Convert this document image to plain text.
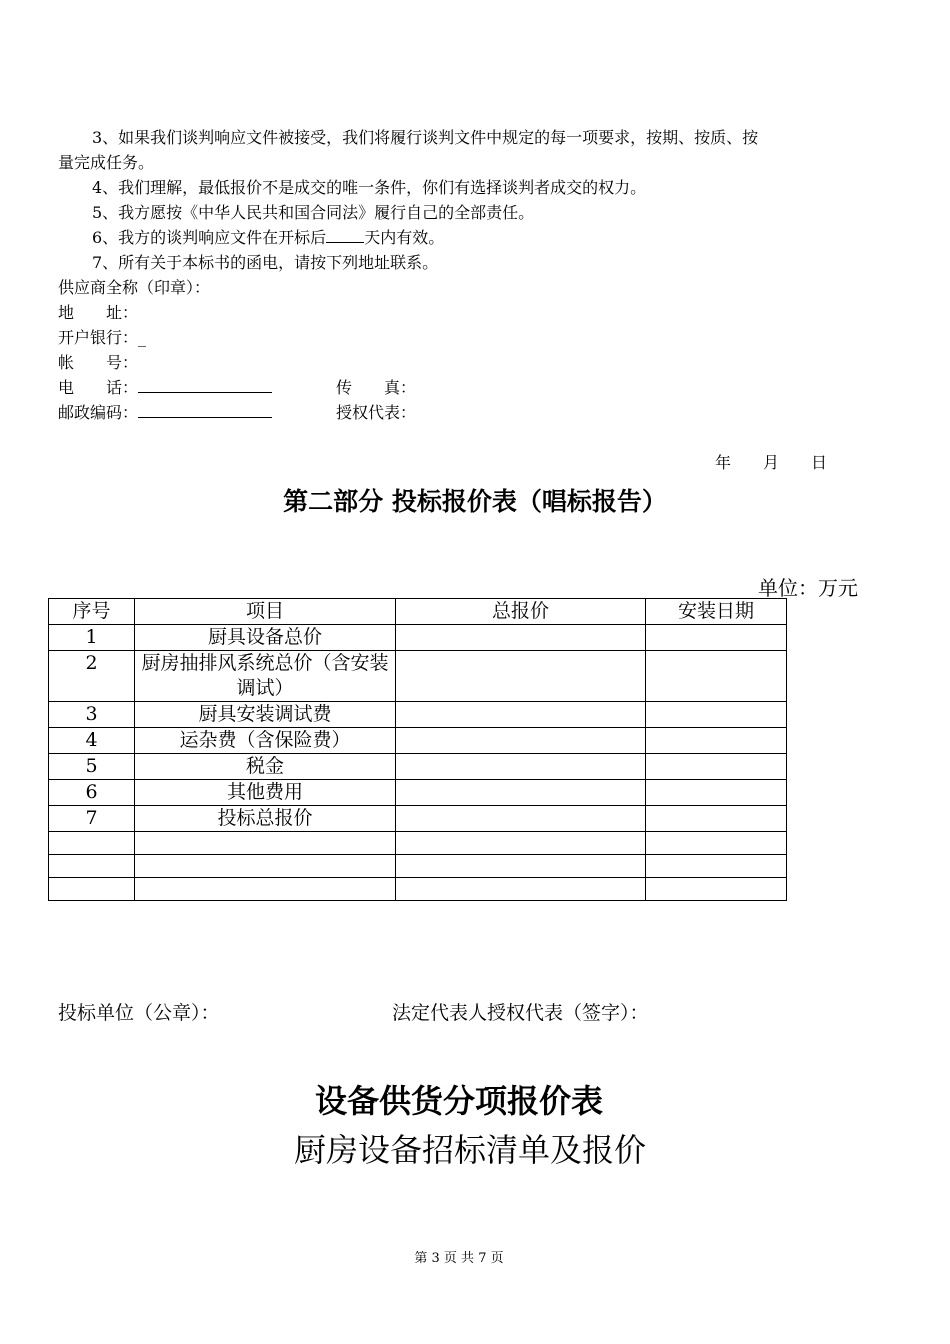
3、如果我们谈判响应文件被接受，我们将履行谈判文件中规定的每一项要求，按期、按质、按
量完成任务。
4、我们理解，最低报价不是成交的唯一条件，你们有选择谈判者成交的权力。
5、我方愿按《中华人民共和国合同法》履行自己的全部责任。
6、我方的谈判响应文件在开标后 天内有效。
7、所有关于本标书的函电，请按下列地址联系。
供应商全称（印章）：
地　　址：
开户银行：_
帐　　号：
电　　话：	传　　真：
邮政编码：	授权代表：
年　　月　　日
第二部分 投标报价表（唱标报告）
单位：万元
序号	项目	总报价	安装日期
1	厨具设备总价		
2	厨房抽排风系统总价（含安装调试）		
3	厨具安装调试费		
4	运杂费（含保险费）		
5	税金		
6	其他费用		
7	投标总报价		

投标单位（公章）：	法定代表人授权代表（签字）：
设备供货分项报价表
厨房设备招标清单及报价
第 3 页 共 7 页
